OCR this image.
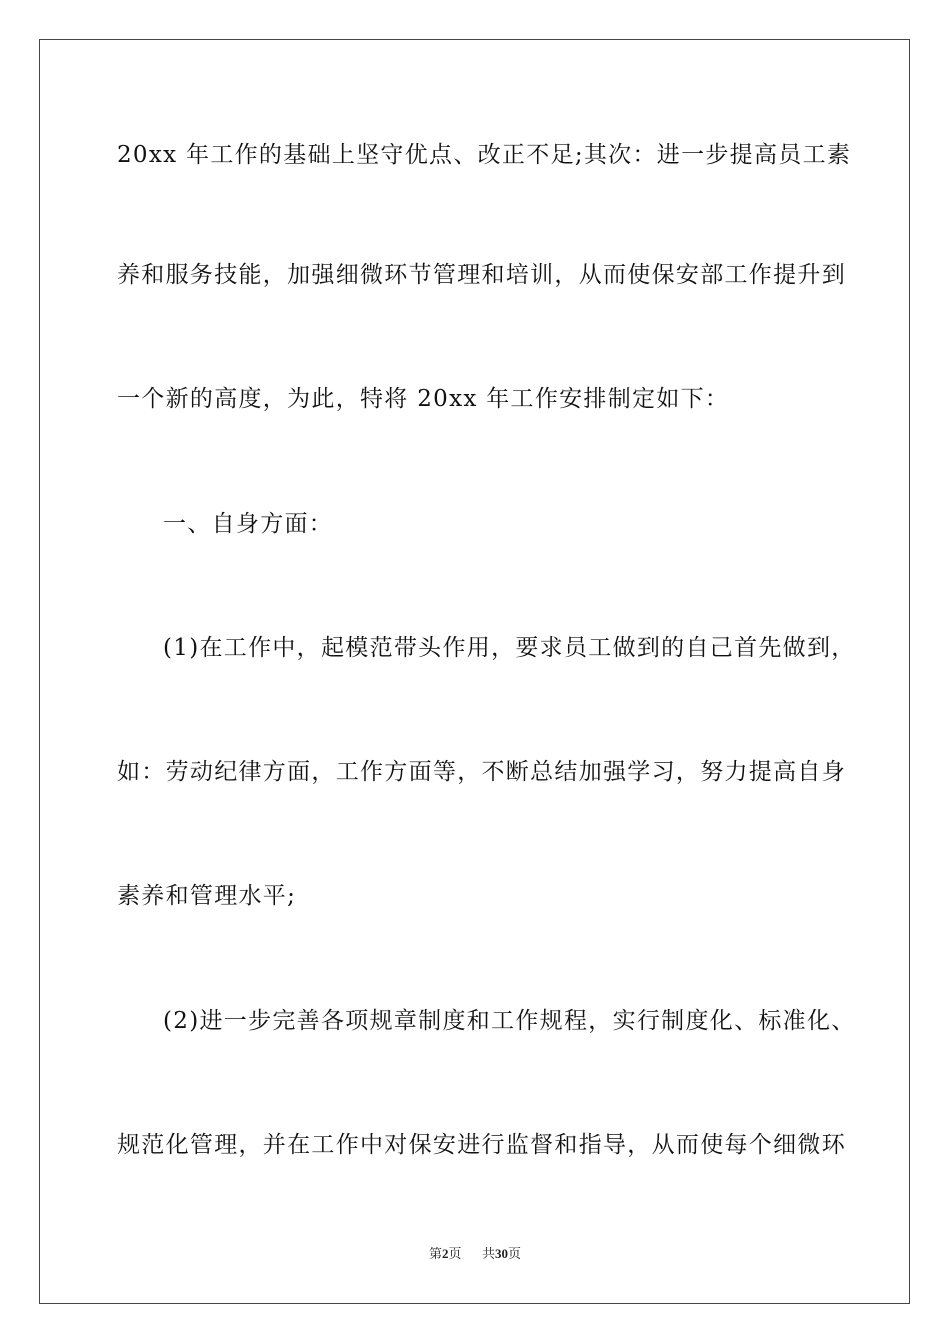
20xx 年工作的基础上坚守优点、改正不足;其次：进一步提高员工素
养和服务技能，加强细微环节管理和培训，从而使保安部工作提升到
一个新的高度，为此，特将 20xx 年工作安排制定如下：
一、自身方面：
(1)在工作中，起模范带头作用，要求员工做到的自己首先做到，
如：劳动纪律方面，工作方面等，不断总结加强学习，努力提高自身
素养和管理水平;
(2)进一步完善各项规章制度和工作规程，实行制度化、标准化、
规范化管理，并在工作中对保安进行监督和指导，从而使每个细微环
第2页 共30页
